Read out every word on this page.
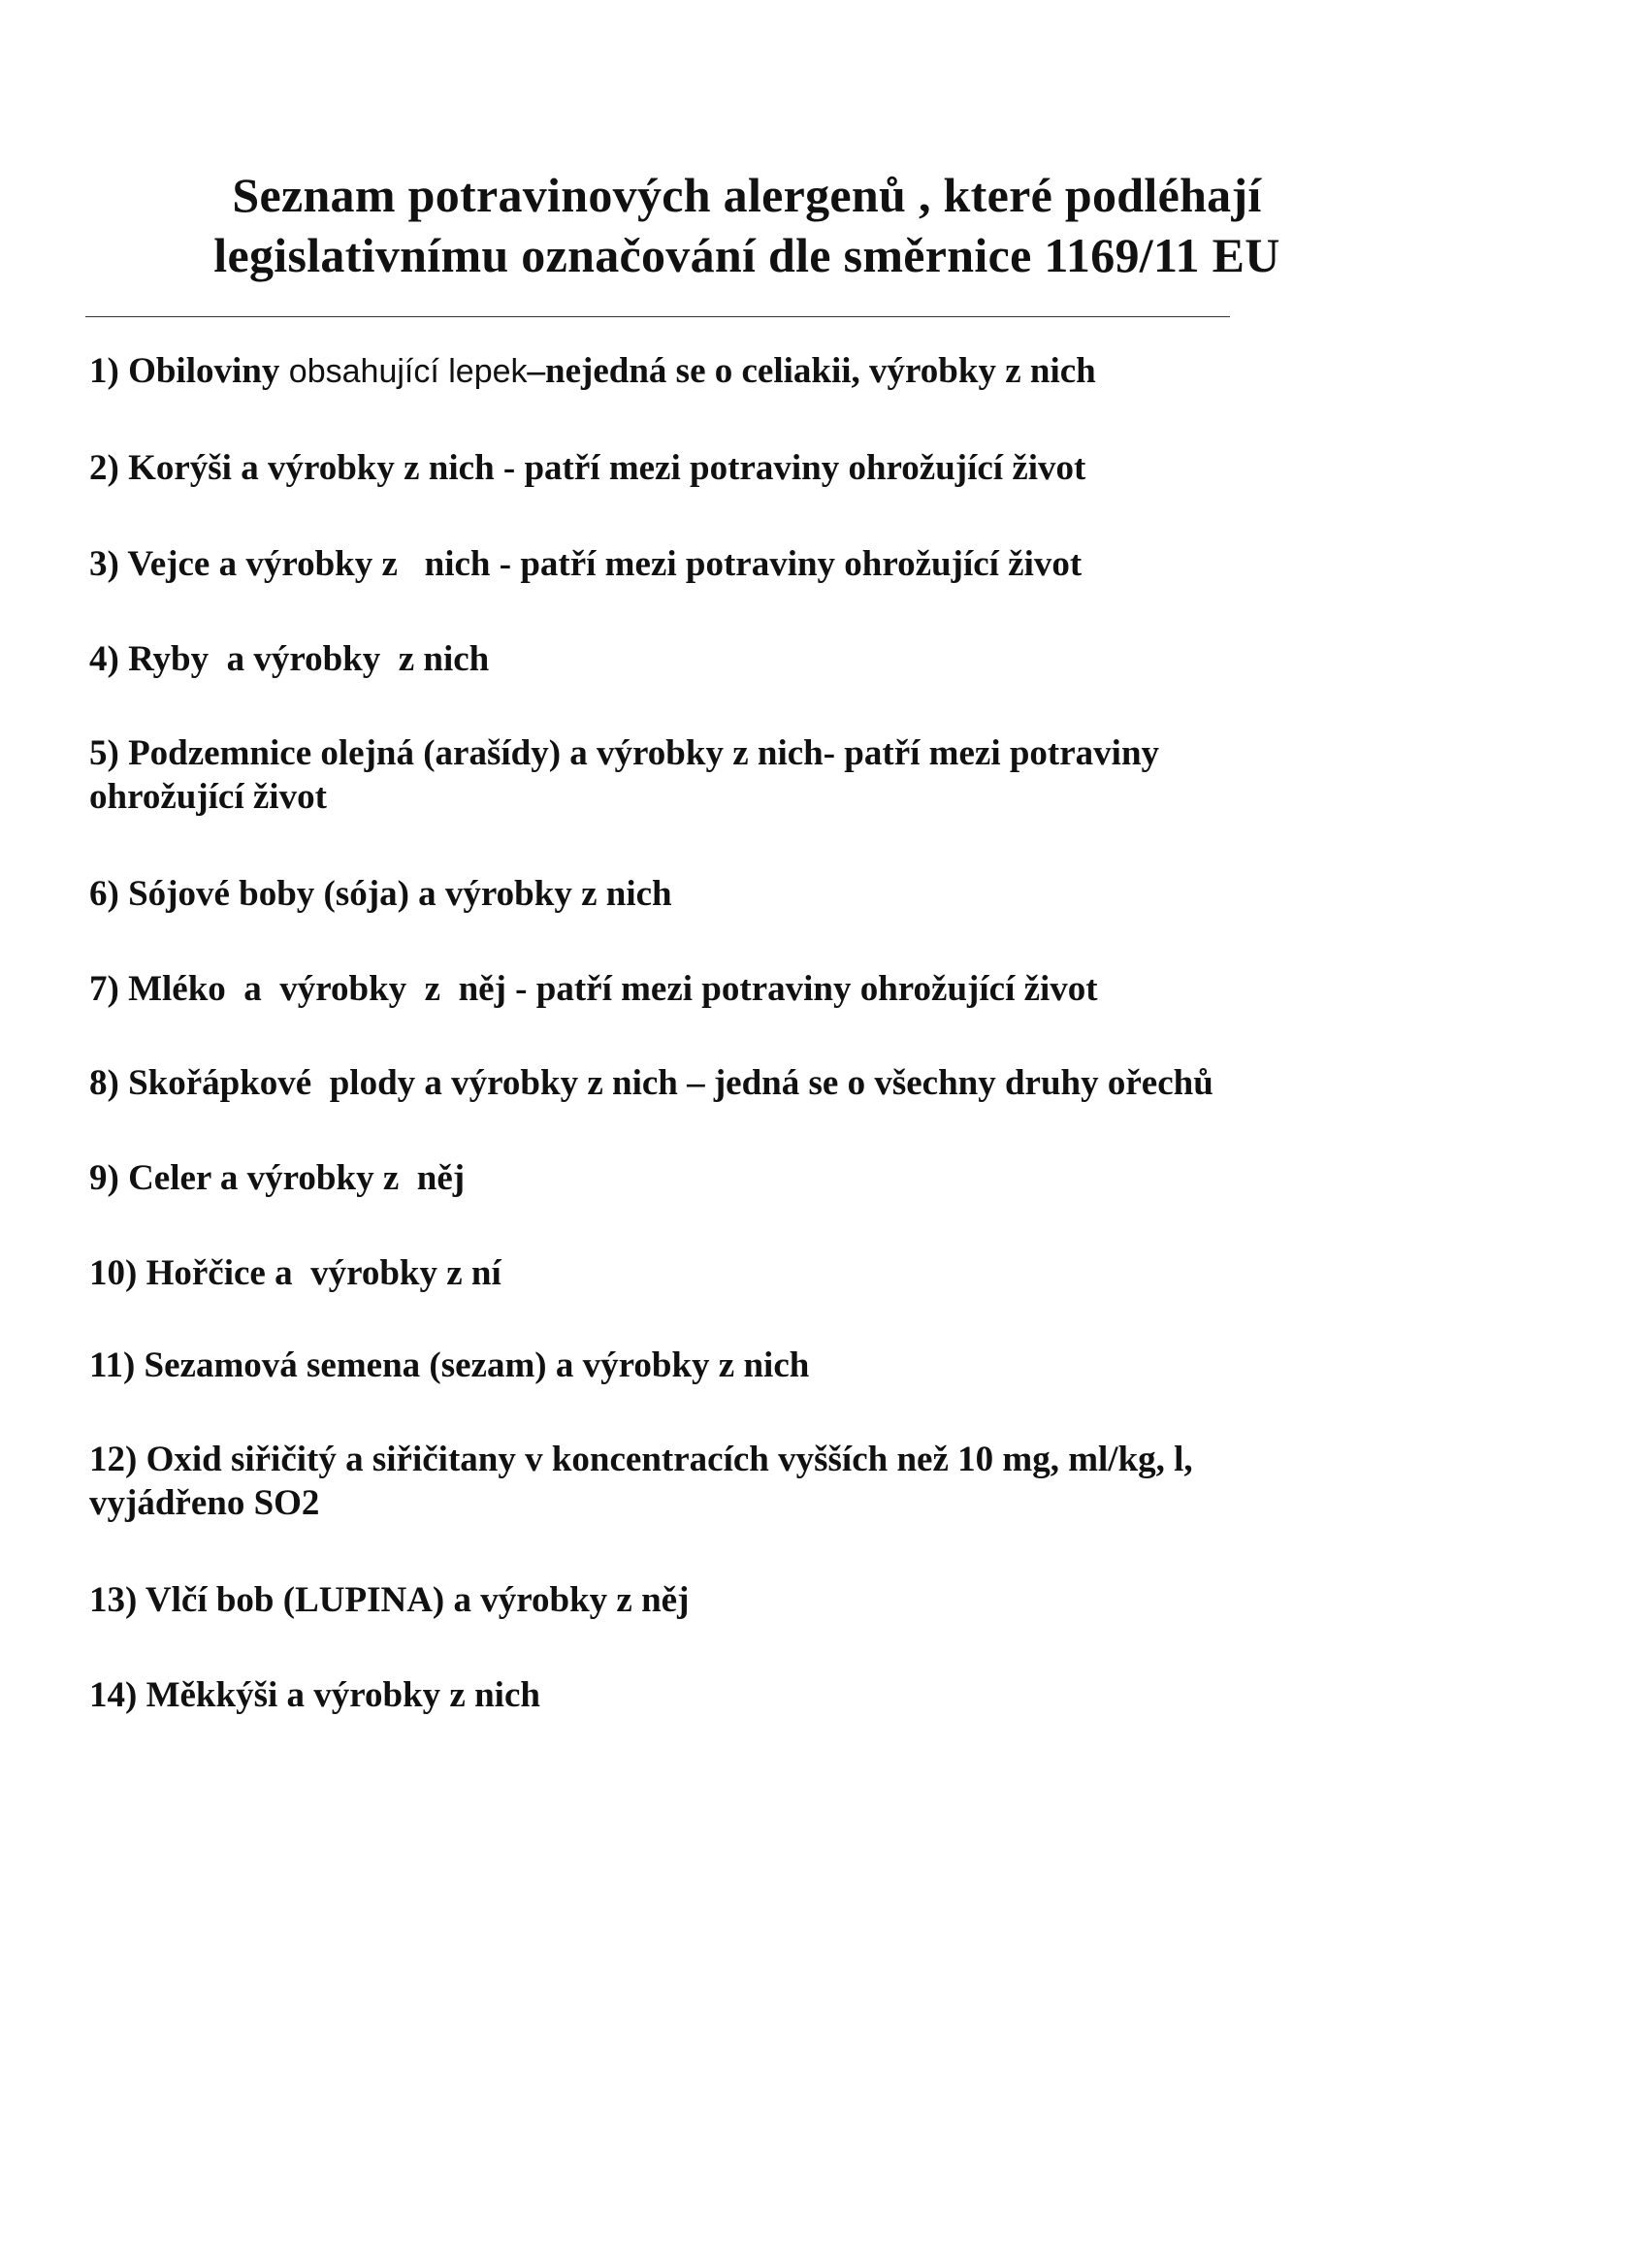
Seznam potravinových alergenů , které podléhají
legislativnímu označování dle směrnice 1169/11 EU
1) Obiloviny obsahující lepek–nejedná se o celiakii, výrobky z nich
2) Korýši a výrobky z nich - patří mezi potraviny ohrožující život
3) Vejce a výrobky z   nich - patří mezi potraviny ohrožující život
4) Ryby  a výrobky  z nich
5) Podzemnice olejná (arašídy) a výrobky z nich- patří mezi potraviny
ohrožující život
6) Sójové boby (sója) a výrobky z nich
7) Mléko  a  výrobky  z  něj - patří mezi potraviny ohrožující život
8) Skořápkové  plody a výrobky z nich – jedná se o všechny druhy ořechů
9) Celer a výrobky z  něj
10) Hořčice a  výrobky z ní
11) Sezamová semena (sezam) a výrobky z nich
12) Oxid siřičitý a siřičitany v koncentracích vyšších než 10 mg, ml/kg, l,
vyjádřeno SO2
13) Vlčí bob (LUPINA) a výrobky z něj
14) Měkkýši a výrobky z nich
